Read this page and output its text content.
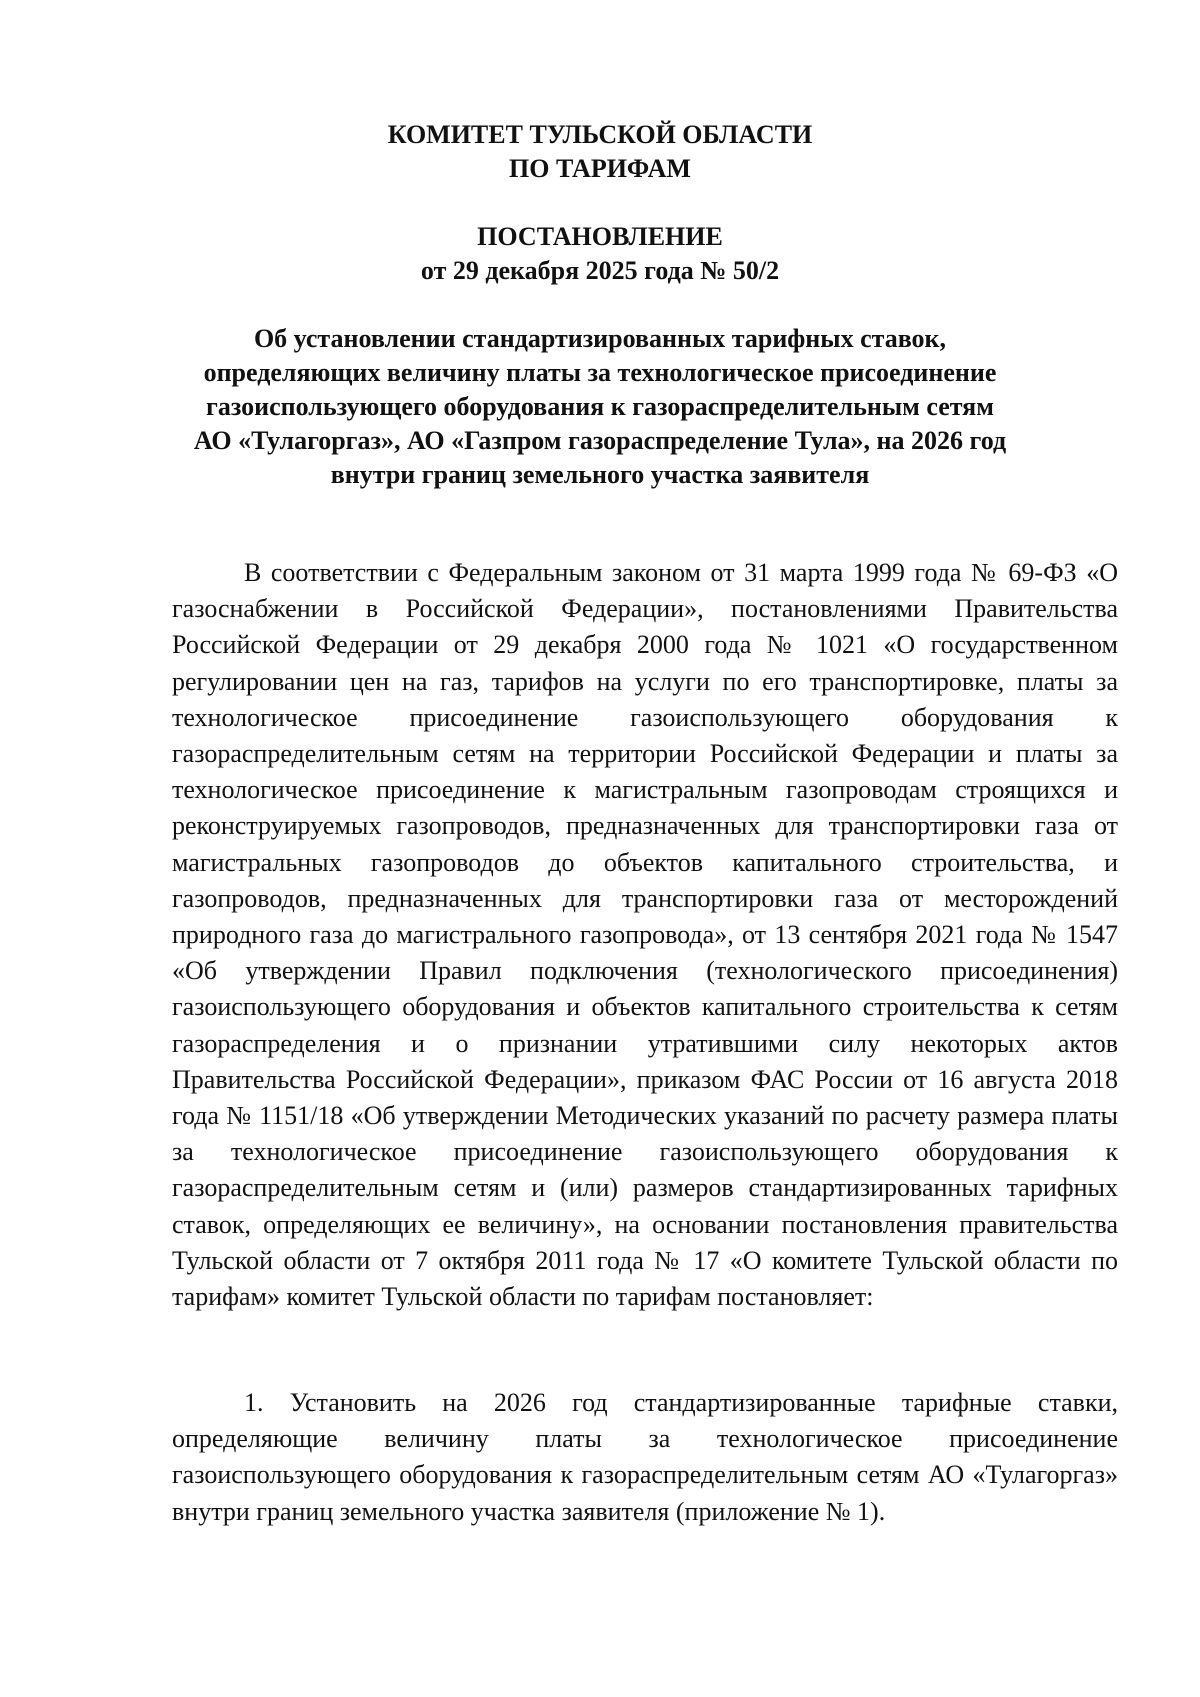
КОМИТЕТ ТУЛЬСКОЙ ОБЛАСТИ

ПО ТАРИФАМ

ПОСТАНОВЛЕНИЕ

от 29 декабря 2025 года № 50/2

Об установлении стандартизированных тарифных ставок,

определяющих величину платы за технологическое присоединение

газоиспользующего оборудования к газораспределительным сетям

АО «Тулагоргаз», АО «Газпром газораспределение Тула», на 2026 год

внутри границ земельного участка заявителя

В соответствии с Федеральным законом от 31 марта 1999 года № 69-ФЗ «О газоснабжении в Российской Федерации», постановлениями Правительства Российской Федерации от 29 декабря 2000 года № 1021 «О государственном регулировании цен на газ, тарифов на услуги по его транспортировке, платы за технологическое присоединение газоиспользующего оборудования к газораспределительным сетям на территории Российской Федерации и платы за технологическое присоединение к магистральным газопроводам строящихся и реконструируемых газопроводов, предназначенных для транспортировки газа от магистральных газопроводов до объектов капитального строительства, и газопроводов, предназначенных для транспортировки газа от месторождений природного газа до магистрального газопровода», от 13 сентября 2021 года № 1547 «Об утверждении Правил подключения (технологического присоединения) газоиспользующего оборудования и объектов капитального строительства к сетям газораспределения и о признании утратившими силу некоторых актов Правительства Российской Федерации», приказом ФАС России от 16 августа 2018 года № 1151/18 «Об утверждении Методических указаний по расчету размера платы за технологическое присоединение газоиспользующего оборудования к газораспределительным сетям и (или) размеров стандартизированных тарифных ставок, определяющих ее величину», на основании постановления правительства Тульской области от 7 октября 2011 года № 17 «О комитете Тульской области по тарифам» комитет Тульской области по тарифам постановляет:

1. Установить на 2026 год стандартизированные тарифные ставки, определяющие величину платы за технологическое присоединение газоиспользующего оборудования к газораспределительным сетям АО «Тулагоргаз» внутри границ земельного участка заявителя (приложение № 1).
